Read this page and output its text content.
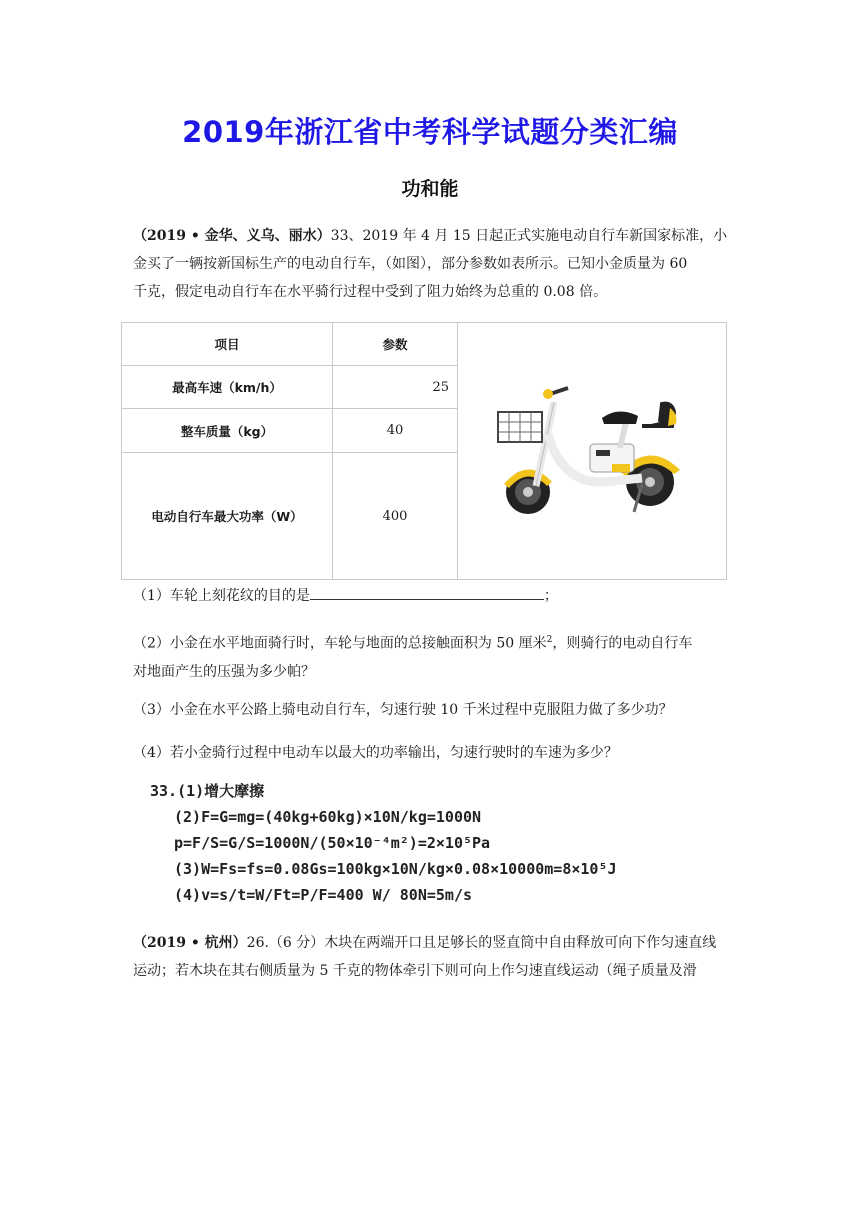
2019年浙江省中考科学试题分类汇编
功和能
（2019 • 金华、义乌、丽水）33、2019 年 4 月 15 日起正式实施电动自行车新国家标准，小
金买了一辆按新国标生产的电动自行车，（如图），部分参数如表所示。已知小金质量为 60
千克，假定电动自行车在水平骑行过程中受到了阻力始终为总重的 0.08 倍。
项目	参数	
最高车速（km/h）	25	
整车质量（kg）	40	
电动自行车最大功率（W）	400	
（1）车轮上刻花纹的目的是	；
（2）小金在水平地面骑行时，车轮与地面的总接触面积为 50 厘米$^2$，则骑行的电动自行车
对地面产生的压强为多少帕？
（3）小金在水平公路上骑电动自行车，匀速行驶 10 千米过程中克服阻力做了多少功？
（4）若小金骑行过程中电动车以最大的功率输出，匀速行驶时的车速为多少？
33.(1)增大摩擦
(2)F=G=mg=(40kg+60kg)×10N/kg=1000N
p=F/S=G/S=1000N/(50×10⁻⁴m²)=2×10⁵Pa
(3)W=Fs=fs=0.08Gs=100kg×10N/kg×0.08×10000m=8×10⁵J
(4)v=s/t=W/Ft=P/F=400 W/ 80N=5m/s
（2019 • 杭州）26.（6 分）木块在两端开口且足够长的竖直筒中自由释放可向下作匀速直线
运动；若木块在其右侧质量为 5 千克的物体牵引下则可向上作匀速直线运动（绳子质量及滑
